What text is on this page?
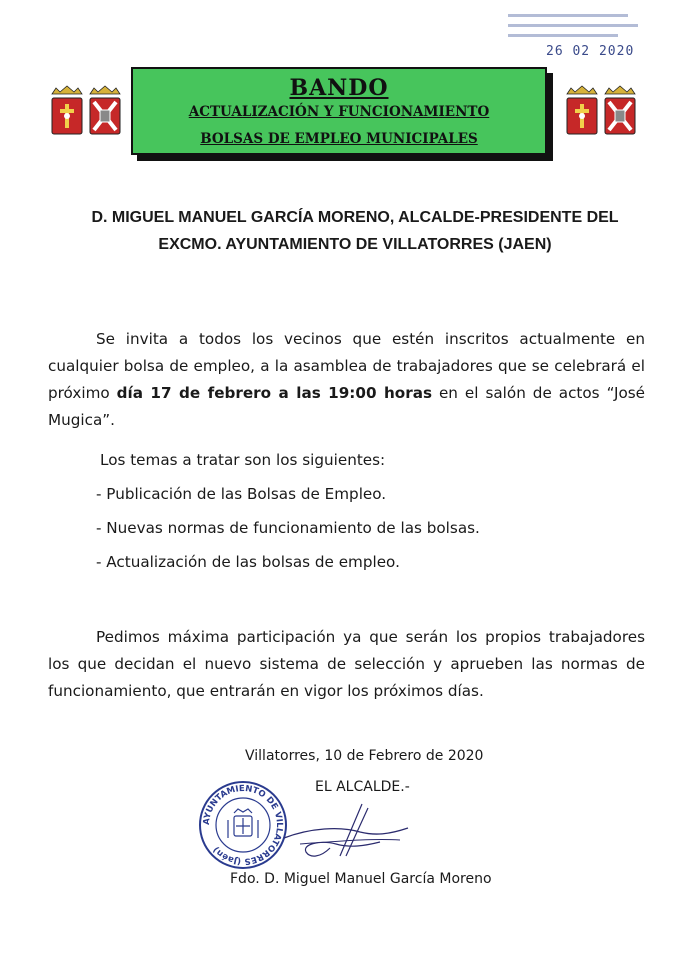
26 02 2020
BANDO
ACTUALIZACIÓN Y FUNCIONAMIENTO
BOLSAS DE EMPLEO MUNICIPALES
D. MIGUEL MANUEL GARCÍA MORENO, ALCALDE-PRESIDENTE DEL
EXCMO. AYUNTAMIENTO DE VILLATORRES (JAEN)
Se invita a todos los vecinos que estén inscritos actualmente en cualquier bolsa de empleo, a la asamblea de trabajadores que se celebrará el próximo día 17 de febrero a las 19:00 horas en el salón de actos “José Mugica”.
Los temas a tratar son los siguientes:
- Publicación de las Bolsas de Empleo.
- Nuevas normas de funcionamiento de las bolsas.
- Actualización de las bolsas de empleo.
Pedimos máxima participación ya que serán los propios trabajadores los que decidan el nuevo sistema de selección y aprueben las normas de funcionamiento, que entrarán en vigor los próximos días.
Villatorres, 10 de Febrero de 2020
EL ALCALDE.-
AYUNTAMIENTO DE VILLATORRES (Jaén)
Fdo. D. Miguel Manuel García Moreno
